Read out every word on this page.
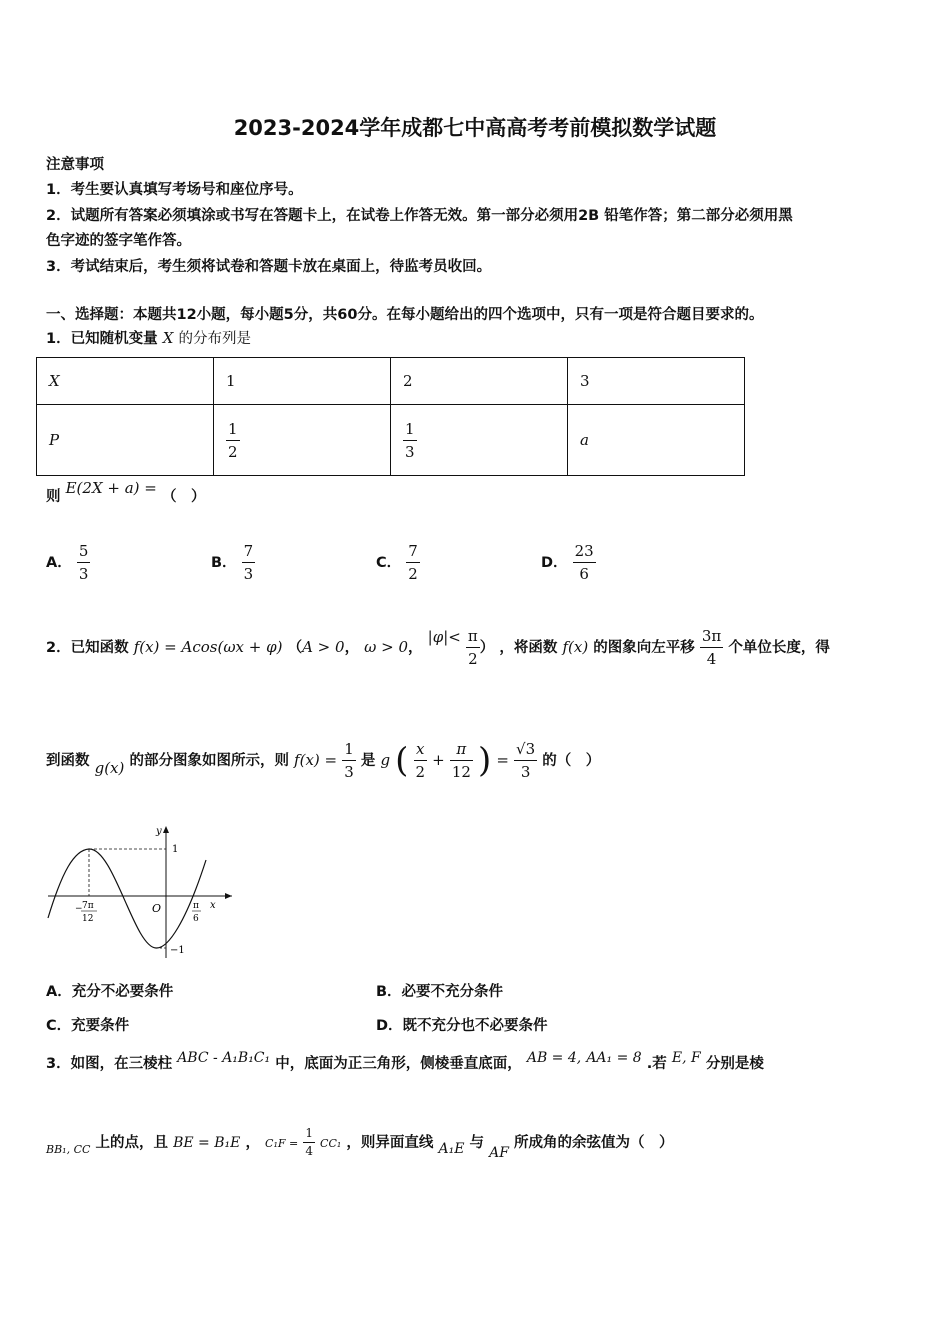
2023-2024学年成都七中高高考考前模拟数学试题
注意事项
1．考生要认真填写考场号和座位序号。
2．试题所有答案必须填涂或书写在答题卡上，在试卷上作答无效。第一部分必须用2B 铅笔作答；第二部分必须用黑
色字迹的签字笔作答。
3．考试结束后，考生须将试卷和答题卡放在桌面上，待监考员收回。
一、选择题：本题共12小题，每小题5分，共60分。在每小题给出的四个选项中，只有一项是符合题目要求的。
1．已知随机变量 X 的分布列是
X	1	2	3
P	$\frac{1}{2}$	$\frac{1}{3}$	a
则 E(2X + a) = （　）
A． $\frac{5}{3}$	B． $\frac{7}{3}$	C． $\frac{7}{2}$	D． $\frac{23}{6}$
2．已知函数 f(x) = Acos(ωx + φ) （A > 0， ω > 0， $|\varphi|< \frac{\pi}{2}$ ） ，将函数 f(x) 的图象向左平移 $\frac{3\pi}{4}$ 个单位长度，得
到函数 g(x) 的部分图象如图所示，则 $f(x) = \frac{1}{3}$ 是 g ( $\frac{x}{2} + \frac{\pi}{12}$ ) = $\frac{√3}{3}$ 的（　）
y
x
O
1
−1
− 7π
12
π
6
A．充分不必要条件	B．必要不充分条件
C．充要条件	D．既不充分也不必要条件
3．如图，在三棱柱 ABC - A₁B₁C₁ 中，底面为正三角形，侧棱垂直底面， AB = 4, AA₁ = 8 .若 E, F 分别是棱
$_{BB_1, CC}$ 上的点，且 BE = B₁E ， $C_1F = \frac{1}{4} CC_1$ ，则异面直线 A₁E 与 AF 所成角的余弦值为（　）
